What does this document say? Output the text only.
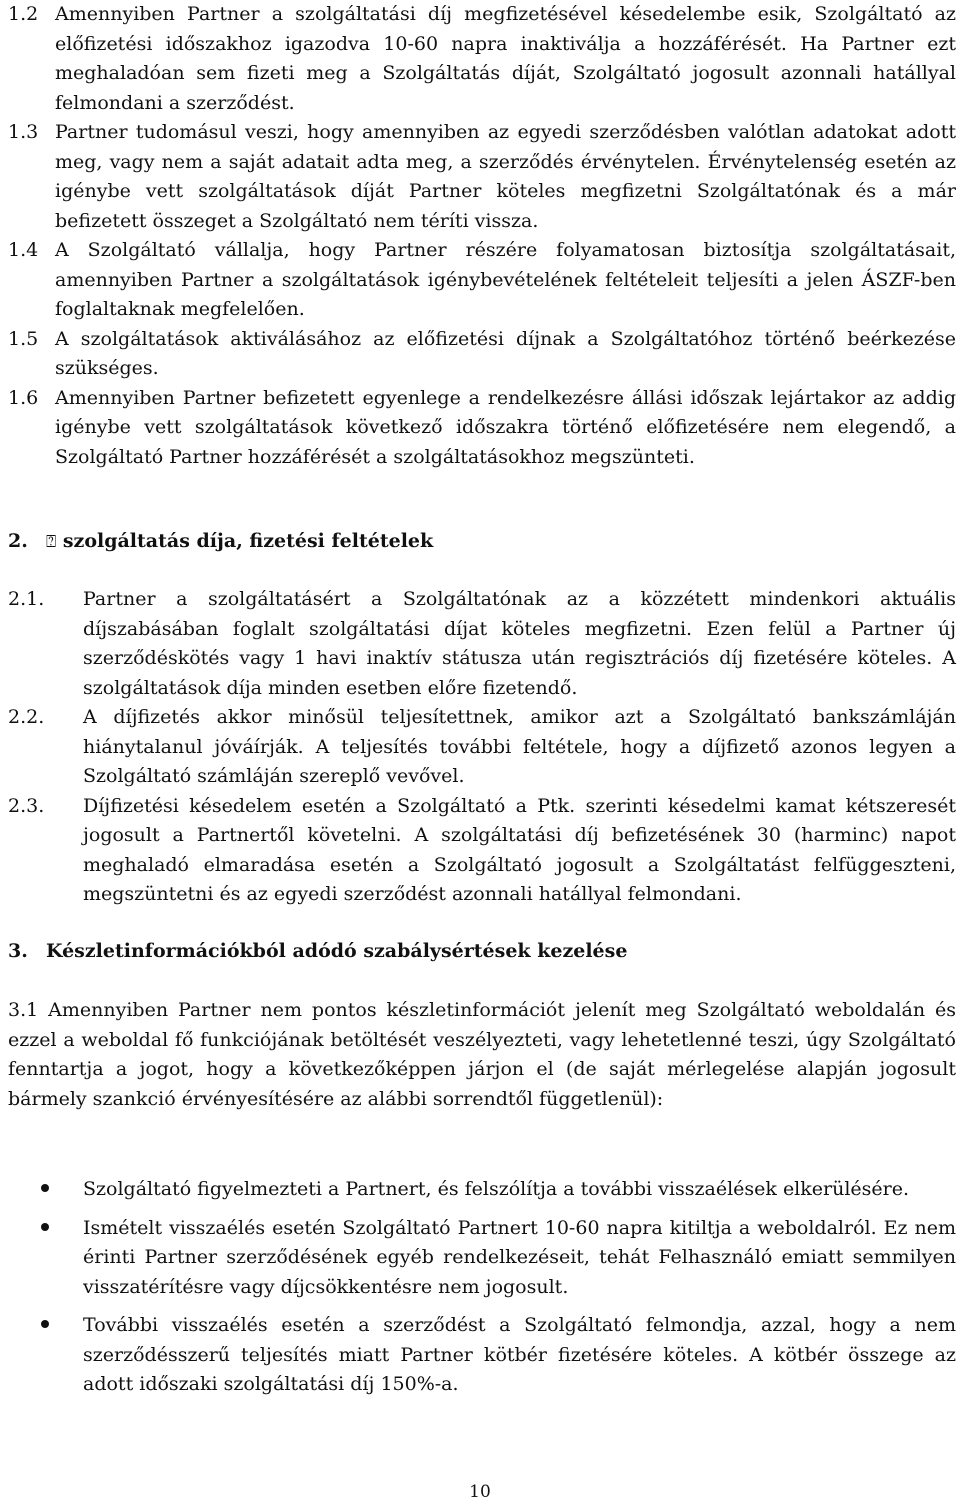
1.2 Amennyiben Partner a szolgáltatási díj megfizetésével késedelembe esik, Szolgáltató az előfizetési időszakhoz igazodva 10-60 napra inaktiválja a hozzáférését. Ha Partner ezt meghaladóan sem fizeti meg a Szolgáltatás díját, Szolgáltató jogosult azonnali hatállyal felmondani a szerződést.
1.3 Partner tudomásul veszi, hogy amennyiben az egyedi szerződésben valótlan adatokat adott meg, vagy nem a saját adatait adta meg, a szerződés érvénytelen. Érvénytelenség esetén az igénybe vett szolgáltatások díját Partner köteles megfizetni Szolgáltatónak és a már befizetett összeget a Szolgáltató nem téríti vissza.
1.4 A Szolgáltató vállalja, hogy Partner részére folyamatosan biztosítja szolgáltatásait, amennyiben Partner a szolgáltatások igénybevételének feltételeit teljesíti a jelen ÁSZF-ben foglaltaknak megfelelően.
1.5 A szolgáltatások aktiválásához az előfizetési díjnak a Szolgáltatóhoz történő beérkezése szükséges.
1.6 Amennyiben Partner befizetett egyenlege a rendelkezésre állási időszak lejártakor az addig igénybe vett szolgáltatások következő időszakra történő előfizetésére nem elegendő, a Szolgáltató Partner hozzáférését a szolgáltatásokhoz megszünteti.
2.	⍰ szolgáltatás díja, fizetési feltételek
2.1.	Partner a szolgáltatásért a Szolgáltatónak az a közzétett mindenkori aktuális díjszabásában foglalt szolgáltatási díjat köteles megfizetni. Ezen felül a Partner új szerződéskötés vagy 1 havi inaktív státusza után regisztrációs díj fizetésére köteles. A szolgáltatások díja minden esetben előre fizetendő.
2.2.	A díjfizetés akkor minősül teljesítettnek, amikor azt a Szolgáltató bankszámláján hiánytalanul jóváírják. A teljesítés további feltétele, hogy a díjfizető azonos legyen a Szolgáltató számláján szereplő vevővel.
2.3.	Díjfizetési késedelem esetén a Szolgáltató a Ptk. szerinti késedelmi kamat kétszeresét jogosult a Partnertől követelni. A szolgáltatási díj befizetésének 30 (harminc) napot meghaladó elmaradása esetén a Szolgáltató jogosult a Szolgáltatást felfüggeszteni, megszüntetni és az egyedi szerződést azonnali hatállyal felmondani.
3. Készletinformációkból adódó szabálysértések kezelése
3.1 Amennyiben Partner nem pontos készletinformációt jelenít meg Szolgáltató weboldalán és ezzel a weboldal fő funkciójának betöltését veszélyezteti, vagy lehetetlenné teszi, úgy Szolgáltató fenntartja a jogot, hogy a következőképpen járjon el (de saját mérlegelése alapján jogosult bármely szankció érvényesítésére az alábbi sorrendtől függetlenül):
Szolgáltató figyelmezteti a Partnert, és felszólítja a további visszaélések elkerülésére.
Ismételt visszaélés esetén Szolgáltató Partnert 10-60 napra kitiltja a weboldalról. Ez nem érinti Partner szerződésének egyéb rendelkezéseit, tehát Felhasználó emiatt semmilyen visszatérítésre vagy díjcsökkentésre nem jogosult.
További visszaélés esetén a szerződést a Szolgáltató felmondja, azzal, hogy a nem szerződésszerű teljesítés miatt Partner kötbér fizetésére köteles. A kötbér összege az adott időszaki szolgáltatási díj 150%-a.
10
